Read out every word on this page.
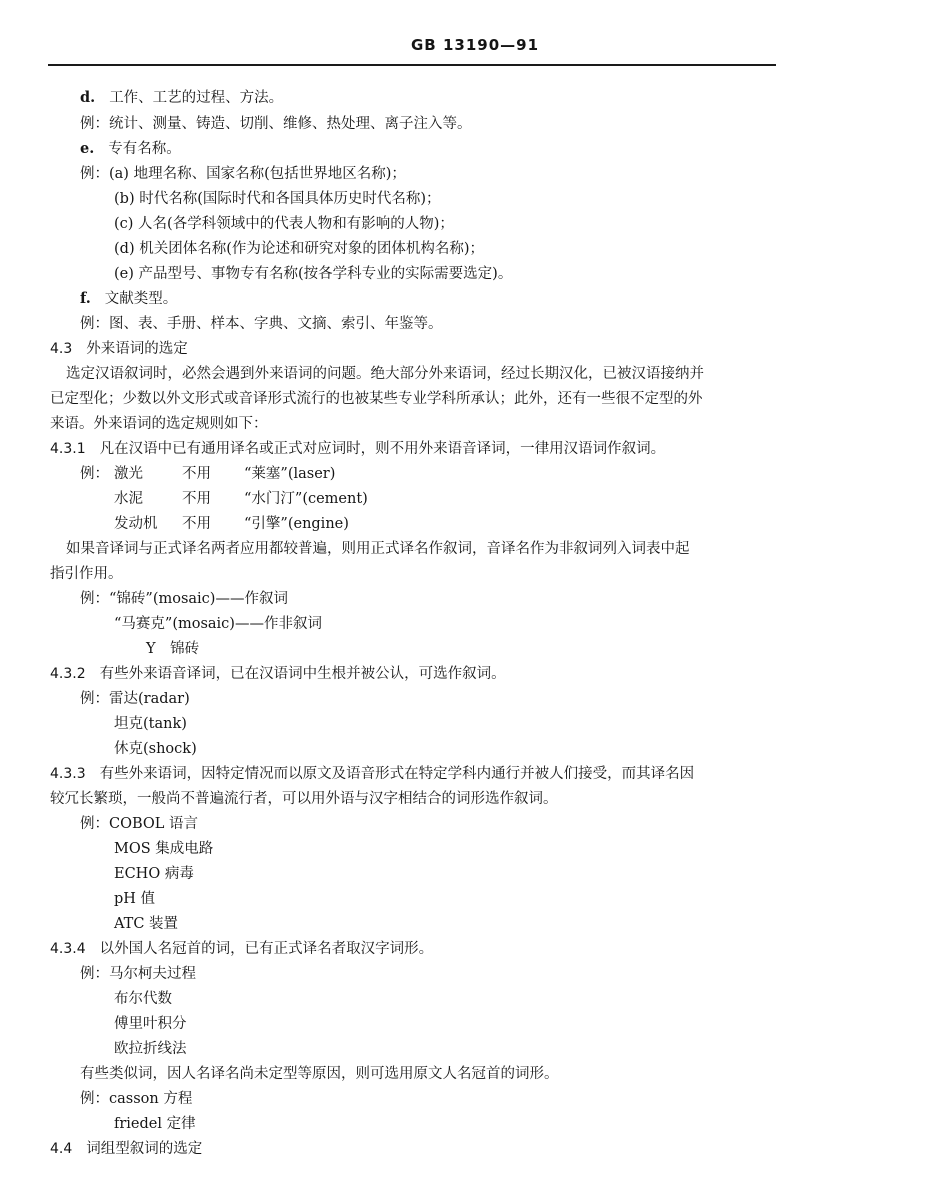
GB 13190—91
d. 工作、工艺的过程、方法。
例：统计、测量、铸造、切削、维修、热处理、离子注入等。
e. 专有名称。
例：(a) 地理名称、国家名称(包括世界地区名称)；
(b) 时代名称(国际时代和各国具体历史时代名称)；
(c) 人名(各学科领域中的代表人物和有影响的人物)；
(d) 机关团体名称(作为论述和研究对象的团体机构名称)；
(e) 产品型号、事物专有名称(按各学科专业的实际需要选定)。
f. 文献类型。
例：图、表、手册、样本、字典、文摘、索引、年鉴等。
4.3 外来语词的选定
选定汉语叙词时，必然会遇到外来语词的问题。绝大部分外来语词，经过长期汉化，已被汉语接纳并
已定型化；少数以外文形式或音译形式流行的也被某些专业学科所承认；此外，还有一些很不定型的外
来语。外来语词的选定规则如下：
4.3.1 凡在汉语中已有通用译名或正式对应词时，则不用外来语音译词，一律用汉语词作叙词。
例： 激光	不用 “莱塞”(laser)
水泥	不用 “水门汀”(cement)
发动机 不用 “引擎”(engine)
如果音译词与正式译名两者应用都较普遍，则用正式译名作叙词，音译名作为非叙词列入词表中起
指引作用。
例：“锦砖”(mosaic)——作叙词
“马赛克”(mosaic)——作非叙词
Y　锦砖
4.3.2 有些外来语音译词，已在汉语词中生根并被公认，可选作叙词。
例：雷达(radar)
坦克(tank)
休克(shock)
4.3.3 有些外来语词，因特定情况而以原文及语音形式在特定学科内通行并被人们接受，而其译名因
较冗长繁琐，一般尚不普遍流行者，可以用外语与汉字相结合的词形选作叙词。
例：COBOL 语言
MOS 集成电路
ECHO 病毒
pH 值
ATC 装置
4.3.4 以外国人名冠首的词，已有正式译名者取汉字词形。
例：马尔柯夫过程
布尔代数
傅里叶积分
欧拉折线法
有些类似词，因人名译名尚未定型等原因，则可选用原文人名冠首的词形。
例：casson 方程
friedel 定律
4.4 词组型叙词的选定
